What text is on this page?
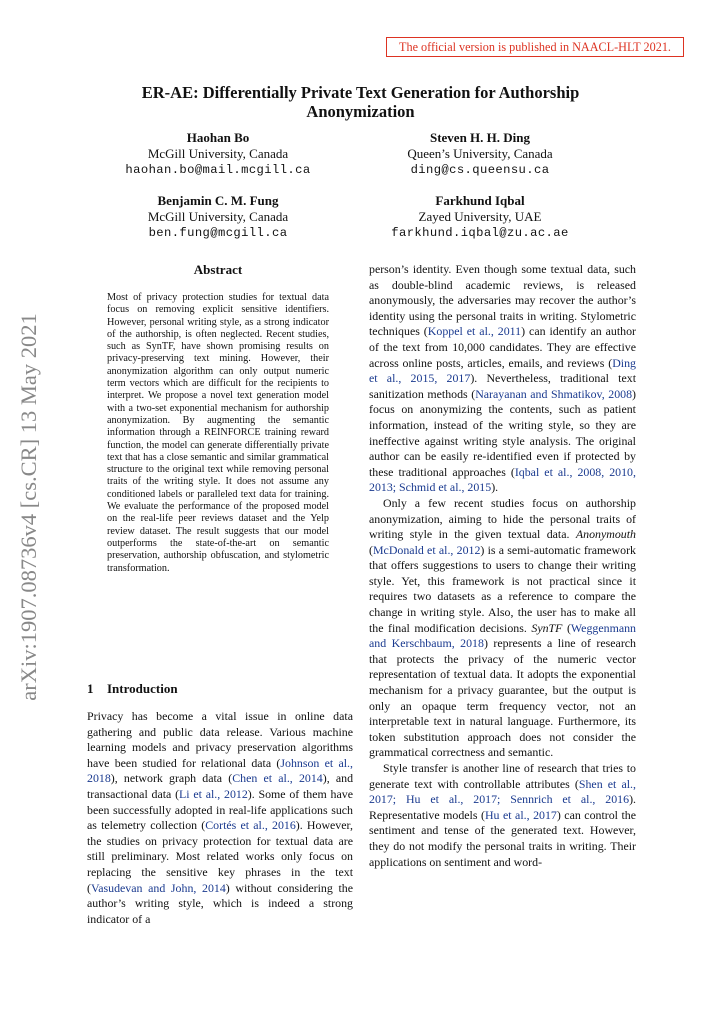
The official version is published in NAACL-HLT 2021.
ER-AE: Differentially Private Text Generation for Authorship Anonymization
Haohan Bo
McGill University, Canada
haohan.bo@mail.mcgill.ca
Steven H. H. Ding
Queen’s University, Canada
ding@cs.queensu.ca
Benjamin C. M. Fung
McGill University, Canada
ben.fung@mcgill.ca
Farkhund Iqbal
Zayed University, UAE
farkhund.iqbal@zu.ac.ae
arXiv:1907.08736v4 [cs.CR] 13 May 2021
Abstract
Most of privacy protection studies for textual data focus on removing explicit sensitive identifiers. However, personal writing style, as a strong indicator of the authorship, is often neglected. Recent studies, such as SynTF, have shown promising results on privacy-preserving text mining. However, their anonymization algorithm can only output numeric term vectors which are difficult for the recipients to interpret. We propose a novel text generation model with a two-set exponential mechanism for authorship anonymization. By augmenting the semantic information through a REINFORCE training reward function, the model can generate differentially private text that has a close semantic and similar grammatical structure to the original text while removing personal traits of the writing style. It does not assume any conditioned labels or paralleled text data for training. We evaluate the performance of the proposed model on the real-life peer reviews dataset and the Yelp review dataset. The result suggests that our model outperforms the state-of-the-art on semantic preservation, authorship obfuscation, and stylometric transformation.
1 Introduction

Privacy has become a vital issue in online data gathering and public data release. Various machine learning models and privacy preservation algorithms have been studied for relational data (Johnson et al., 2018), network graph data (Chen et al., 2014), and transactional data (Li et al., 2012). Some of them have been successfully adopted in real-life applications such as telemetry collection (Cortés et al., 2016). However, the studies on privacy protection for textual data are still preliminary. Most related works only focus on replacing the sensitive key phrases in the text (Vasudevan and John, 2014) without considering the author’s writing style, which is indeed a strong indicator of a

person’s identity. Even though some textual data, such as double-blind academic reviews, is released anonymously, the adversaries may recover the author’s identity using the personal traits in writing. Stylometric techniques (Koppel et al., 2011) can identify an author of the text from 10,000 candidates. They are effective across online posts, articles, emails, and reviews (Ding et al., 2015, 2017). Nevertheless, traditional text sanitization methods (Narayanan and Shmatikov, 2008) focus on anonymizing the contents, such as patient information, instead of the writing style, so they are ineffective against writing style analysis. The original author can be easily re-identified even if protected by these traditional approaches (Iqbal et al., 2008, 2010, 2013; Schmid et al., 2015).

Only a few recent studies focus on authorship anonymization, aiming to hide the personal traits of writing style in the given textual data. Anonymouth (McDonald et al., 2012) is a semi-automatic framework that offers suggestions to users to change their writing style. Yet, this framework is not practical since it requires two datasets as a reference to compare the change in writing style. Also, the user has to make all the final modification decisions. SynTF (Weggenmann and Kerschbaum, 2018) represents a line of research that protects the privacy of the numeric vector representation of textual data. It adopts the exponential mechanism for a privacy guarantee, but the output is only an opaque term frequency vector, not an interpretable text in natural language. Furthermore, its token substitution approach does not consider the grammatical correctness and semantic.

Style transfer is another line of research that tries to generate text with controllable attributes (Shen et al., 2017; Hu et al., 2017; Sennrich et al., 2016). Representative models (Hu et al., 2017) can control the sentiment and tense of the generated text. However, they do not modify the personal traits in writing. Their applications on sentiment and word-
